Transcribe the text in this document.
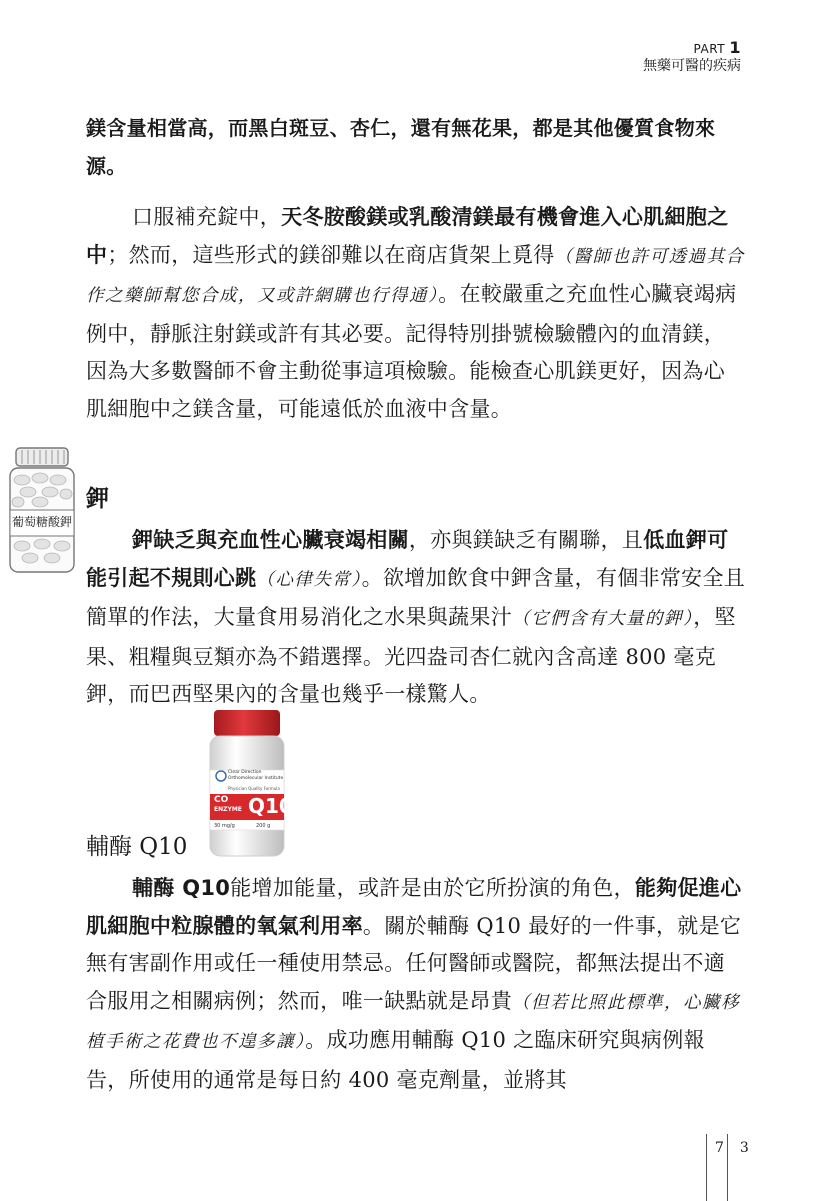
PART 1
無藥可醫的疾病

鎂含量相當高，而黑白斑豆、杏仁，還有無花果，都是其他優質食物來源。

口服補充錠中，天冬胺酸鎂或乳酸清鎂最有機會進入心肌細胞之中；然而，這些形式的鎂卻難以在商店貨架上覓得（醫師也許可透過其合作之藥師幫您合成，又或許網購也行得通）。在較嚴重之充血性心臟衰竭病例中，靜脈注射鎂或許有其必要。記得特別掛號檢驗體內的血清鎂，因為大多數醫師不會主動從事這項檢驗。能檢查心肌鎂更好，因為心肌細胞中之鎂含量，可能遠低於血液中含量。

葡萄糖酸鉀
鉀

鉀缺乏與充血性心臟衰竭相關，亦與鎂缺乏有關聯，且低血鉀可能引起不規則心跳（心律失常）。欲增加飲食中鉀含量，有個非常安全且簡單的作法，大量食用易消化之水果與蔬果汁（它們含有大量的鉀），堅果、粗糧與豆類亦為不錯選擇。光四盎司杏仁就內含高達 800 毫克鉀，而巴西堅果內的含量也幾乎一樣驚人。

Clear Direction
Orthomolecular Institute
Physician Quality Formula
CO
ENZYME Q10
30 mg/g	200 g
輔酶 Q10

輔酶 Q10能增加能量，或許是由於它所扮演的角色，能夠促進心肌細胞中粒腺體的氧氣利用率。關於輔酶 Q10 最好的一件事，就是它無有害副作用或任一種使用禁忌。任何醫師或醫院，都無法提出不適合服用之相關病例；然而，唯一缺點就是昂貴（但若比照此標準，心臟移植手術之花費也不遑多讓）。成功應用輔酶 Q10 之臨床研究與病例報告，所使用的通常是每日約 400 毫克劑量，並將其

7	3
